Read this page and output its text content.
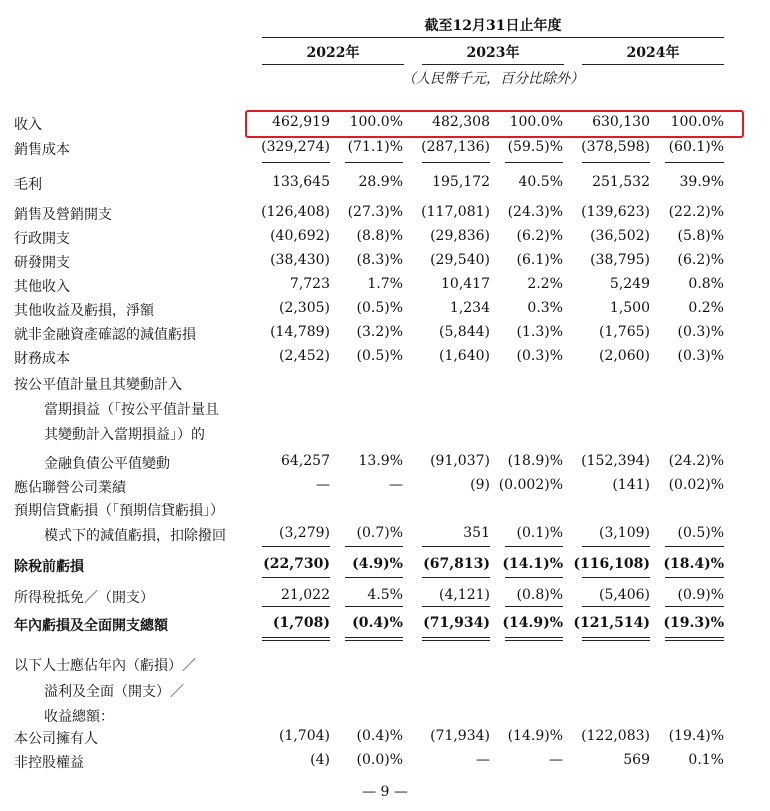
截至12月31日止年度
2022年	2023年	2024年
（人民幣千元，百分比除外）
收入	462,919 100.0% 482,308 100.0% 630,130 100.0%
銷售成本	(329,274) (71.1)% (287,136) (59.5)% (378,598) (60.1)%
毛利	133,645 28.9% 195,172 40.5% 251,532 39.9%
銷售及營銷開支	(126,408) (27.3)% (117,081) (24.3)% (139,623) (22.2)%
行政開支	(40,692) (8.8)% (29,836) (6.2)% (36,502) (5.8)%
研發開支	(38,430) (8.3)% (29,540) (6.1)% (38,795) (6.2)%
其他收入	7,723	1.7%	10,417	2.2%	5,249	0.8%
其他收益及虧損，淨額	(2,305) (0.5)%	1,234	0.3%	1,500	0.2%
就非金融資產確認的減值虧損	(14,789) (3.2)%	(5,844) (1.3)%	(1,765) (0.3)%
財務成本	(2,452) (0.5)%	(1,640) (0.3)%	(2,060) (0.3)%
按公平值計量且其變動計入
當期損益（「按公平值計量且
其變動計入當期損益」）的
金融負債公平值變動	64,257 13.9% (91,037) (18.9)% (152,394) (24.2)%
應佔聯營公司業績	—	—	(9) (0.002)%	(141) (0.02)%
預期信貸虧損（「預期信貸虧損」）
模式下的減值虧損，扣除撥回	(3,279) (0.7)%	351 (0.1)%	(3,109) (0.5)%
除稅前虧損	(22,730) (4.9)% (67,813) (14.1)% (116,108) (18.4)%
所得稅抵免／（開支）	21,022	4.5%	(4,121) (0.8)%	(5,406) (0.9)%
年內虧損及全面開支總額	(1,708) (0.4)% (71,934) (14.9)% (121,514) (19.3)%
以下人士應佔年內（虧損）／
溢利及全面（開支）／
收益總額：
本公司擁有人	(1,704) (0.4)% (71,934) (14.9)% (122,083) (19.4)%
非控股權益	(4) (0.0)%	—	—	569	0.1%
— 9 —
